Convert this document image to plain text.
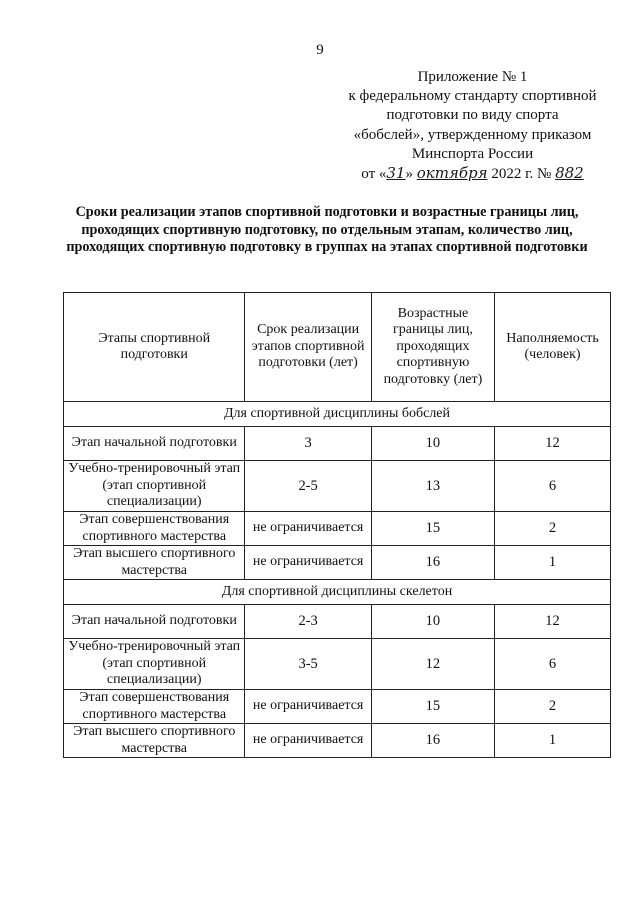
9
Приложение № 1
к федеральному стандарту спортивной
подготовки по виду спорта
«бобслей», утвержденному приказом
Минспорта России
от «31» октября 2022 г. № 882
Сроки реализации этапов спортивной подготовки и возрастные границы лиц, проходящих спортивную подготовку, по отдельным этапам, количество лиц, проходящих спортивную подготовку в группах на этапах спортивной подготовки
Этапы спортивной подготовки	Срок реализации этапов спортивной подготовки (лет)	Возрастные границы лиц, проходящих спортивную подготовку (лет)	Наполняемость (человек)
Для спортивной дисциплины бобслей			
Этап начальной подготовки	3	10	12
Учебно-тренировочный этап (этап спортивной специализации)	2-5	13	6
Этап совершенствования спортивного мастерства	не ограничивается	15	2
Этап высшего спортивного мастерства	не ограничивается	16	1
Для спортивной дисциплины скелетон			
Этап начальной подготовки	2-3	10	12
Учебно-тренировочный этап (этап спортивной специализации)	3-5	12	6
Этап совершенствования спортивного мастерства	не ограничивается	15	2
Этап высшего спортивного мастерства	не ограничивается	16	1
